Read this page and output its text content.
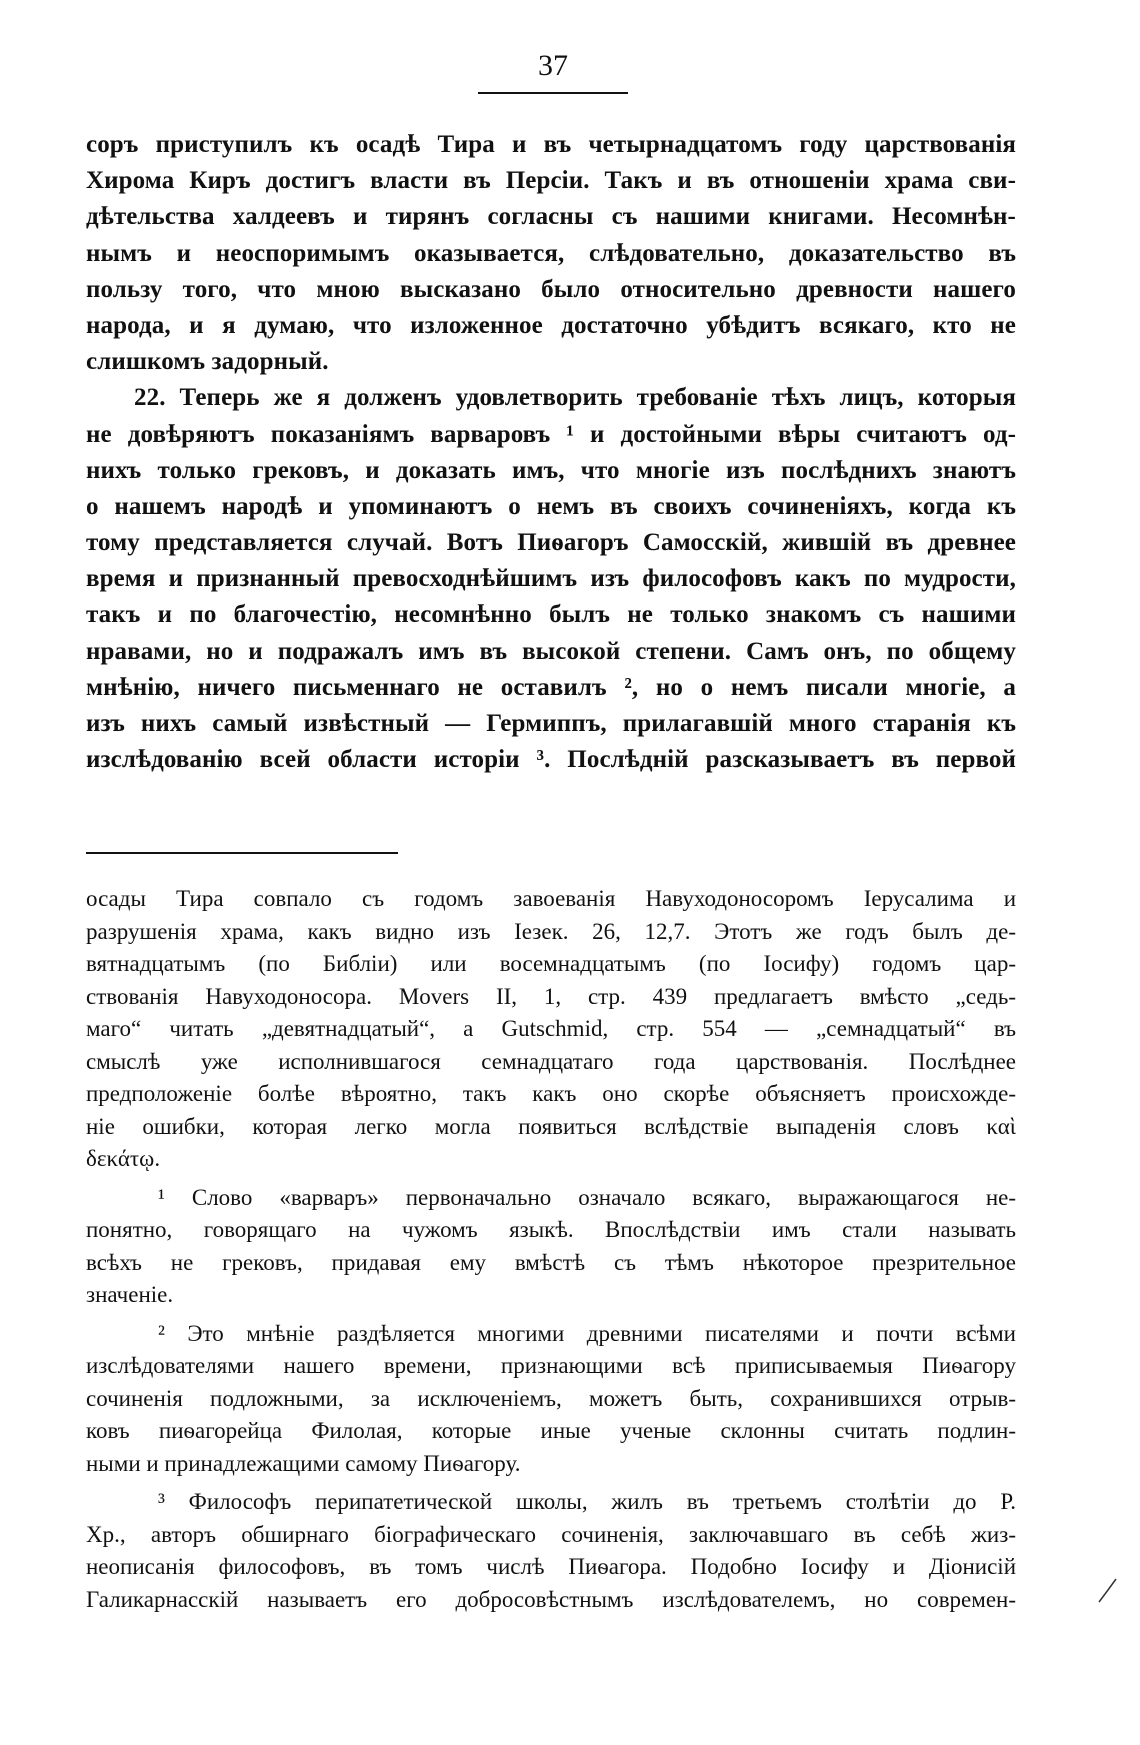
37
соръ приступилъ къ осадѣ Тира и въ четырнадцатомъ году царствованія
Хирома Киръ достигъ власти въ Персіи. Такъ и въ отношеніи храма сви-
дѣтельства халдеевъ и тирянъ согласны съ нашими книгами. Несомнѣн-
нымъ и неоспоримымъ оказывается, слѣдовательно, доказательство въ
пользу того, что мною высказано было относительно древности нашего
народа, и я думаю, что изложенное достаточно убѣдитъ всякаго, кто не
слишкомъ задорный.
22. Теперь же я долженъ удовлетворить требованіе тѣхъ лицъ, которыя
не довѣряютъ показаніямъ варваровъ ¹ и достойными вѣры считаютъ од-
нихъ только грековъ, и доказать имъ, что многіе изъ послѣднихъ знаютъ
о нашемъ народѣ и упоминаютъ о немъ въ своихъ сочиненіяхъ, когда къ
тому представляется случай. Вотъ Пиѳагоръ Самосскій, жившій въ древнее
время и признанный превосходнѣйшимъ изъ философовъ какъ по мудрости,
такъ и по благочестію, несомнѣнно былъ не только знакомъ съ нашими
нравами, но и подражалъ имъ въ высокой степени. Самъ онъ, по общему
мнѣнію, ничего письменнаго не оставилъ ², но о немъ писали многіе, а
изъ нихъ самый извѣстный — Гермиппъ, прилагавшій много старанія къ
изслѣдованію всей области исторіи ³. Послѣдній разсказываетъ въ первой
осады Тира совпало съ годомъ завоеванія Навуходоносоромъ Іерусалима и
разрушенія храма, какъ видно изъ Іезек. 26, 12,7. Этотъ же годъ былъ де-
вятнадцатымъ (по Библіи) или восемнадцатымъ (по Іосифу) годомъ цар-
ствованія Навуходоносора. Movers II, 1, стр. 439 предлагаетъ вмѣсто „седь-
маго“ читать „девятнадцатый“, а Gutschmid, стр. 554 — „семнадцатый“ въ
смыслѣ уже исполнившагося семнадцатаго года царствованія. Послѣднее
предположеніе болѣе вѣроятно, такъ какъ оно скорѣе объясняетъ происхожде-
ніе ошибки, которая легко могла появиться вслѣдствіе выпаденія словъ καὶ
δεκάτῳ.
¹ Слово «варваръ» первоначально означало всякаго, выражающагося не-
понятно, говорящаго на чужомъ языкѣ. Впослѣдствіи имъ стали называть
всѣхъ не грековъ, придавая ему вмѣстѣ съ тѣмъ нѣкоторое презрительное
значеніе.
² Это мнѣніе раздѣляется многими древними писателями и почти всѣми
изслѣдователями нашего времени, признающими всѣ приписываемыя Пиѳагору
сочиненія подложными, за исключеніемъ, можетъ быть, сохранившихся отрыв-
ковъ пиѳагорейца Филолая, которые иные ученые склонны считать подлин-
ными и принадлежащими самому Пиѳагору.
³ Философъ перипатетической школы, жилъ въ третьемъ столѣтіи до Р.
Хр., авторъ обширнаго біографическаго сочиненія, заключавшаго въ себѣ жиз-
неописанія философовъ, въ томъ числѣ Пиѳагора. Подобно Іосифу и Діонисій
Галикарнасскій называетъ его добросовѣстнымъ изслѣдователемъ, но современ-
